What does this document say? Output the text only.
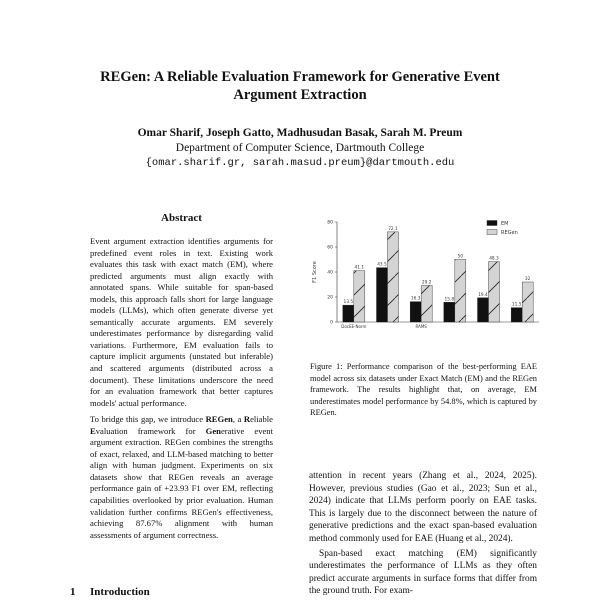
REGen: A Reliable Evaluation Framework for Generative Event
Argument Extraction
Omar Sharif, Joseph Gatto, Madhusudan Basak, Sarah M. Preum
Department of Computer Science, Dartmouth College
{omar.sharif.gr, sarah.masud.preum}@dartmouth.edu
Abstract

Event argument extraction identifies arguments for predefined event roles in text. Existing work evaluates this task with exact match (EM), where predicted arguments must align exactly with annotated spans. While suitable for span-based models, this approach falls short for large language models (LLMs), which often generate diverse yet semantically accurate arguments. EM severely underestimates performance by disregarding valid variations. Furthermore, EM evaluation fails to capture implicit arguments (unstated but inferable) and scattered arguments (distributed across a document). These limitations underscore the need for an evaluation framework that better captures models' actual performance.

To bridge this gap, we introduce REGen, a Reliable Evaluation framework for Generative event argument extraction. REGen combines the strengths of exact, relaxed, and LLM-based matching to better align with human judgment. Experiments on six datasets show that REGen reveals an average performance gain of +23.93 F1 over EM, reflecting capabilities overlooked by prior evaluation. Human validation further confirms REGen's effectiveness, achieving 87.67% alignment with human assessments of argument correctness.

1 Introduction
0
20
40
60
80
F1 Score
DocEE-Norm	RAMS
13.5
41.1
43.5
72.1
16.3
29.2
15.8
50
19.4
48.3
11.5
32
EM
REGen
Figure 1: Performance comparison of the best-performing EAE model across six datasets under Exact Match (EM) and the REGen framework. The results highlight that, on average, EM underestimates model performance by 54.8%, which is captured by REGen.

attention in recent years (Zhang et al., 2024, 2025). However, previous studies (Gao et al., 2023; Sun et al., 2024) indicate that LLMs perform poorly on EAE tasks. This is largely due to the disconnect between the nature of generative predictions and the exact span-based evaluation method commonly used for EAE (Huang et al., 2024).

Span-based exact matching (EM) significantly underestimates the performance of LLMs as they often predict accurate arguments in surface forms that differ from the ground truth. For exam-
